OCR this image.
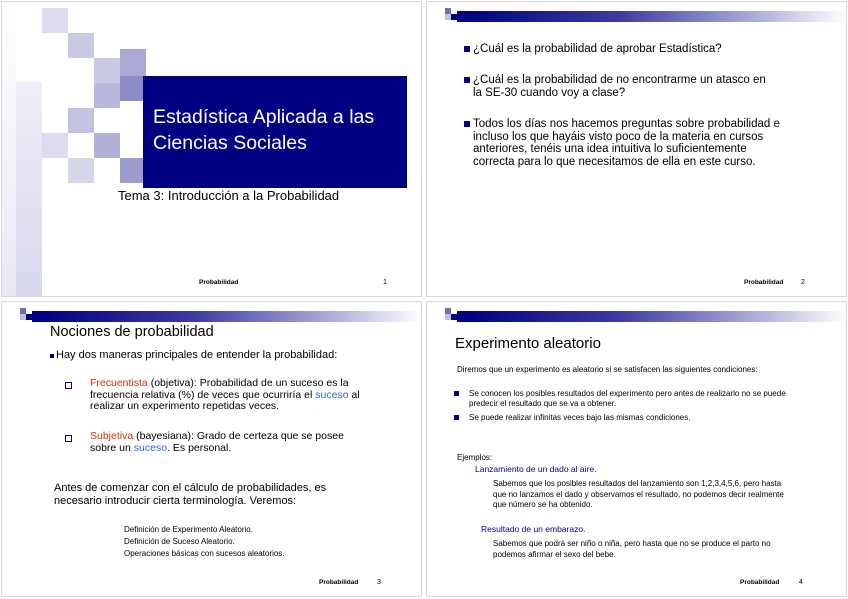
Estadística Aplicada a las Ciencias Sociales
Tema 3: Introducción a la Probabilidad
Probabilidad	1
¿Cuál es la probabilidad de aprobar Estadística?
¿Cuál es la probabilidad de no encontrarme un atasco en la SE-30 cuando voy a clase?
Todos los días nos hacemos preguntas sobre probabilidad e incluso los que hayáis visto poco de la materia en cursos anteriores, tenéis una idea intuitiva lo suficientemente correcta para lo que necesitamos de ella en este curso.
Probabilidad	2
Nociones de probabilidad
Hay dos maneras principales de entender la probabilidad:
Frecuentista (objetiva): Probabilidad de un suceso es la frecuencia relativa (%) de veces que ocurriría el suceso al realizar un experimento repetidas veces.
Subjetiva (bayesiana): Grado de certeza que se posee sobre un suceso. Es personal.
Antes de comenzar con el cálculo de probabilidades, es necesario introducir cierta terminología. Veremos:
Definición de Experimento Aleatorio.
Definición de Suceso Aleatorio.
Operaciones básicas con sucesos aleatorios.
Probabilidad	3
Experimento aleatorio
Diremos que un experimento es aleatorio si se satisfacen las siguientes condiciones:
Se conocen los posibles resultados del experimento pero antes de realizarlo no se puede predecir el resultado que se va a obtener.
Se puede realizar infinitas veces bajo las mismas condiciones.
Ejemplos:
Lanzamiento de un dado al aire.
Sabemos que los posibles resultados del lanzamiento son 1,2,3,4,5,6, pero hasta que no lanzamos el dado y observamos el resultado, no podemos decir realmente que número se ha obtenido.
Resultado de un embarazo.
Sabemos que podrá ser niño o niña, pero hasta que no se produce el parto no podemos afirmar el sexo del bebe.
Probabilidad	4
